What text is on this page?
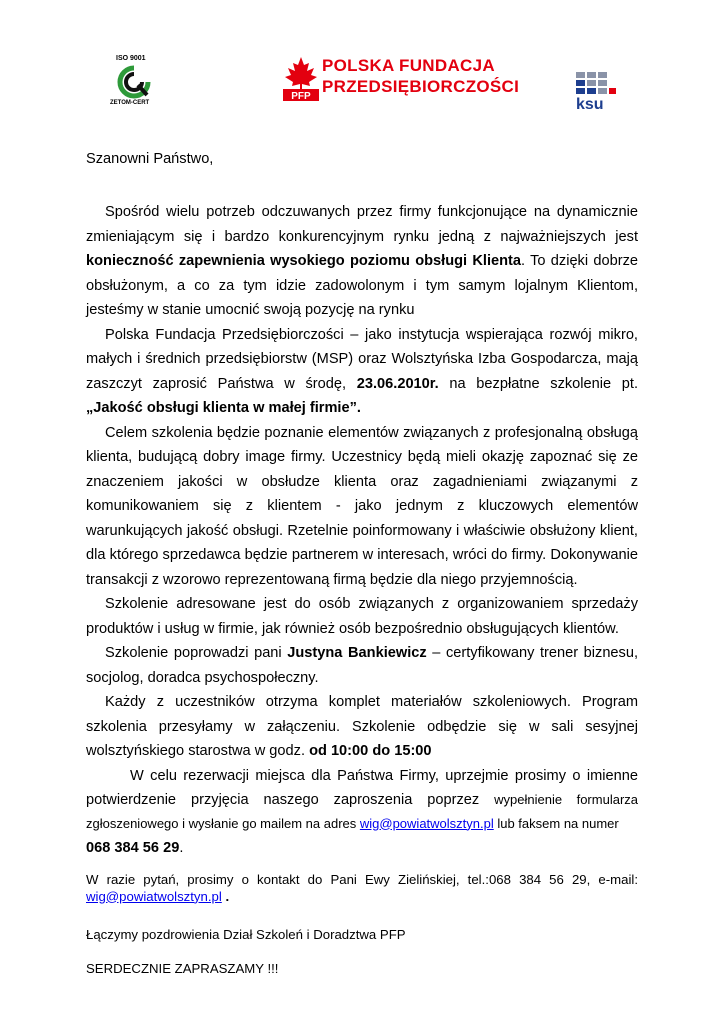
ISO 9001
ZETOM-CERT
PFP
POLSKA FUNDACJA
PRZEDSIĘBIORCZOŚCI
ksu

Szanowni Państwo,

Spośród wielu potrzeb odczuwanych przez firmy funkcjonujące na dynamicznie zmieniającym się i bardzo konkurencyjnym rynku jedną z najważniejszych jest konieczność zapewnienia wysokiego poziomu obsługi Klienta. To dzięki dobrze obsłużonym, a co za tym idzie zadowolonym i tym samym lojalnym Klientom, jesteśmy w stanie umocnić swoją pozycję na rynku

Polska Fundacja Przedsiębiorczości – jako instytucja wspierająca rozwój mikro, małych i średnich przedsiębiorstw (MSP) oraz Wolsztyńska Izba Gospodarcza, mają zaszczyt zaprosić Państwa w środę, 23.06.2010r. na bezpłatne szkolenie pt. „Jakość obsługi klienta w małej firmie”.

Celem szkolenia będzie poznanie elementów związanych z profesjonalną obsługą klienta, budującą dobry image firmy. Uczestnicy będą mieli okazję zapoznać się ze znaczeniem jakości w obsłudze klienta oraz zagadnieniami związanymi z komunikowaniem się z klientem - jako jednym z kluczowych elementów warunkujących jakość obsługi. Rzetelnie poinformowany i właściwie obsłużony klient, dla którego sprzedawca będzie partnerem w interesach, wróci do firmy. Dokonywanie transakcji z wzorowo reprezentowaną firmą będzie dla niego przyjemnością.

Szkolenie adresowane jest do osób związanych z organizowaniem sprzedaży produktów i usług w firmie, jak również osób bezpośrednio obsługujących klientów.

Szkolenie poprowadzi pani Justyna Bankiewicz – certyfikowany trener biznesu, socjolog, doradca psychospołeczny.

Każdy z uczestników otrzyma komplet materiałów szkoleniowych. Program szkolenia przesyłamy w załączeniu. Szkolenie odbędzie się w sali sesyjnej wolsztyńskiego starostwa w godz. od 10:00 do 15:00

W celu rezerwacji miejsca dla Państwa Firmy, uprzejmie prosimy o imienne potwierdzenie przyjęcia naszego zaproszenia poprzez wypełnienie formularza zgłoszeniowego i wysłanie go mailem na adres wig@powiatwolsztyn.pl lub faksem na numer
068 384 56 29.

W razie pytań, prosimy o kontakt do Pani Ewy Zielińskiej, tel.:068 384 56 29, e-mail: wig@powiatwolsztyn.pl .

Łączymy pozdrowienia Dział Szkoleń i Doradztwa PFP

SERDECZNIE ZAPRASZAMY !!!
